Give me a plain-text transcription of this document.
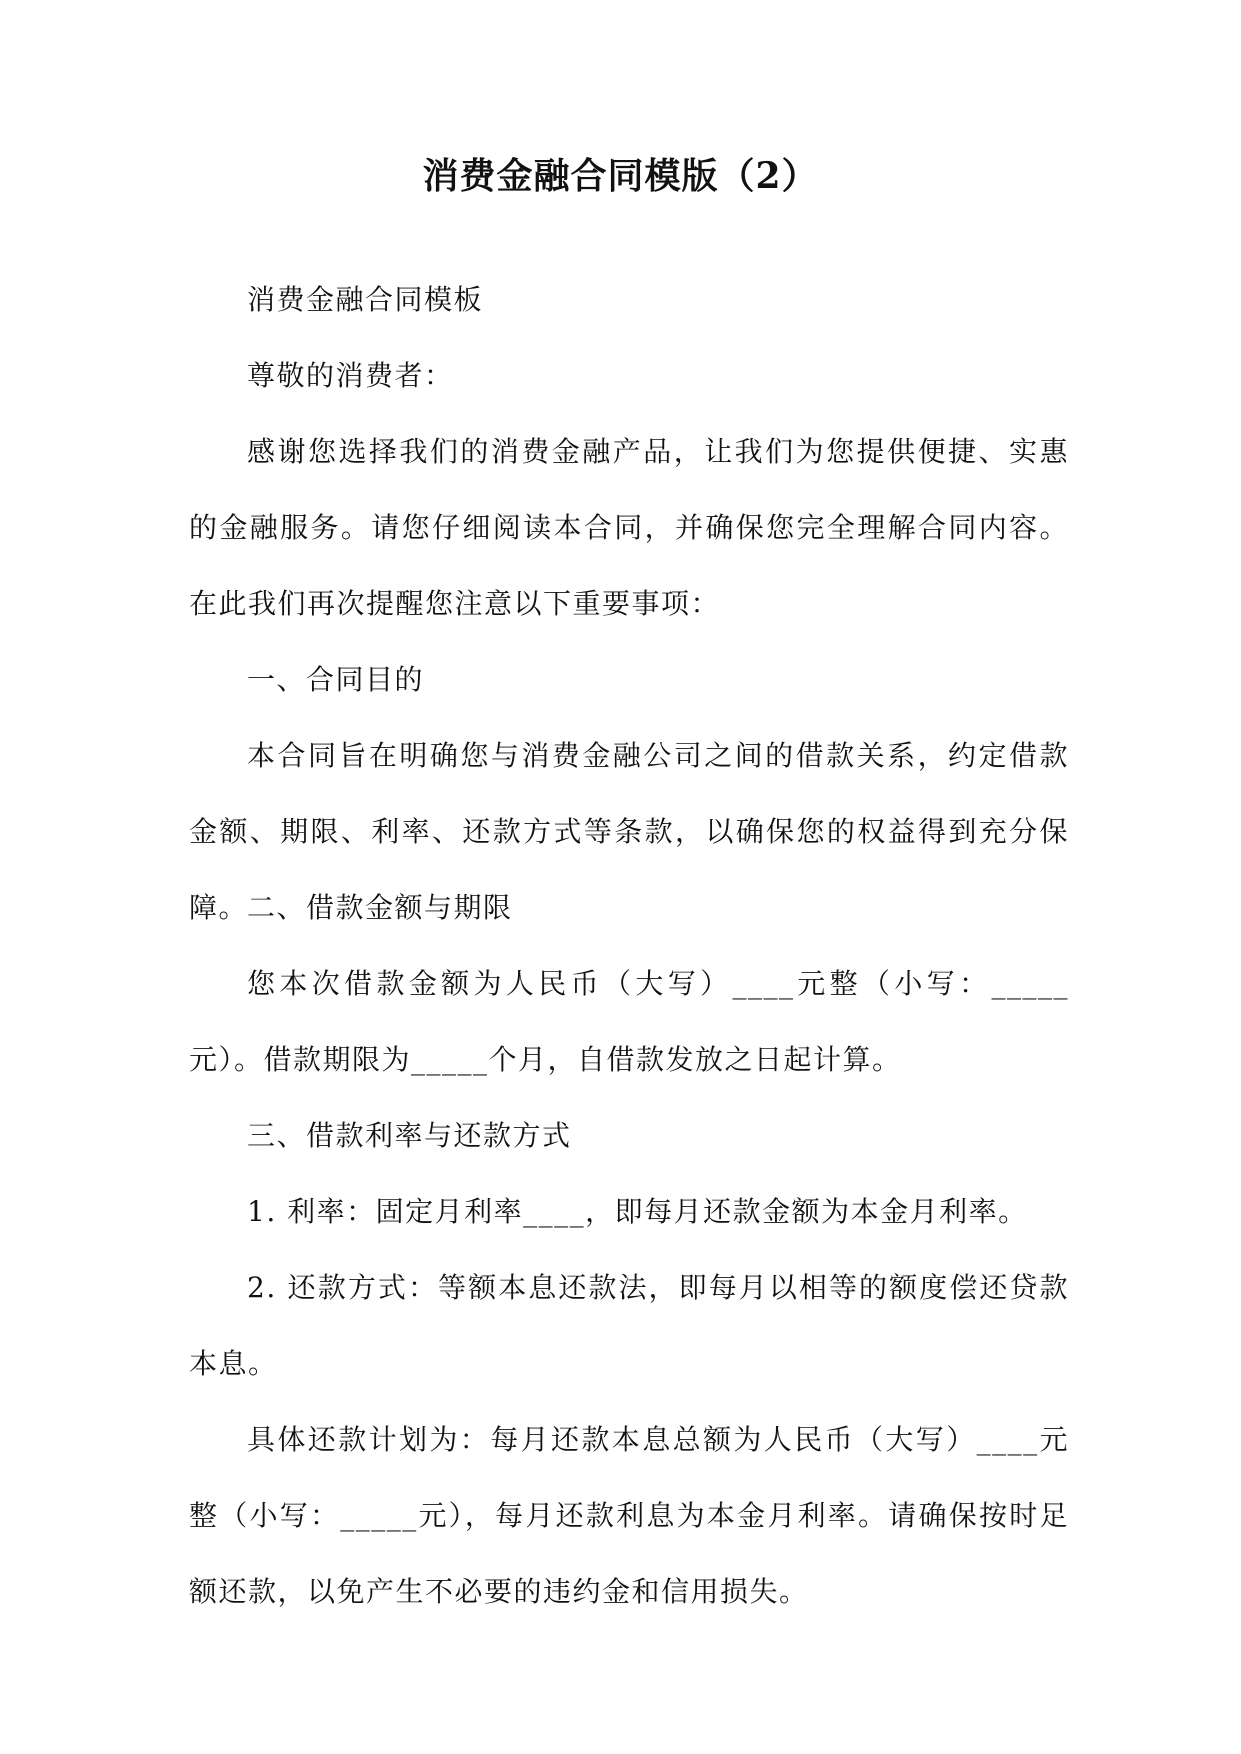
消费金融合同模版（2）

消费金融合同模板

尊敬的消费者：

感谢您选择我们的消费金融产品，让我们为您提供便捷、实惠的金融服务。请您仔细阅读本合同，并确保您完全理解合同内容。在此我们再次提醒您注意以下重要事项：

一、合同目的

本合同旨在明确您与消费金融公司之间的借款关系，约定借款金额、期限、利率、还款方式等条款，以确保您的权益得到充分保障。

二、借款金额与期限

您本次借款金额为人民币（大写）____元整（小写：_____元）。借款期限为_____个月，自借款发放之日起计算。

三、借款利率与还款方式

1. 利率：固定月利率____，即每月还款金额为本金月利率。

2. 还款方式：等额本息还款法，即每月以相等的额度偿还贷款本息。

具体还款计划为：每月还款本息总额为人民币（大写）____元整（小写：_____元），每月还款利息为本金月利率。请确保按时足额还款，以免产生不必要的违约金和信用损失。
